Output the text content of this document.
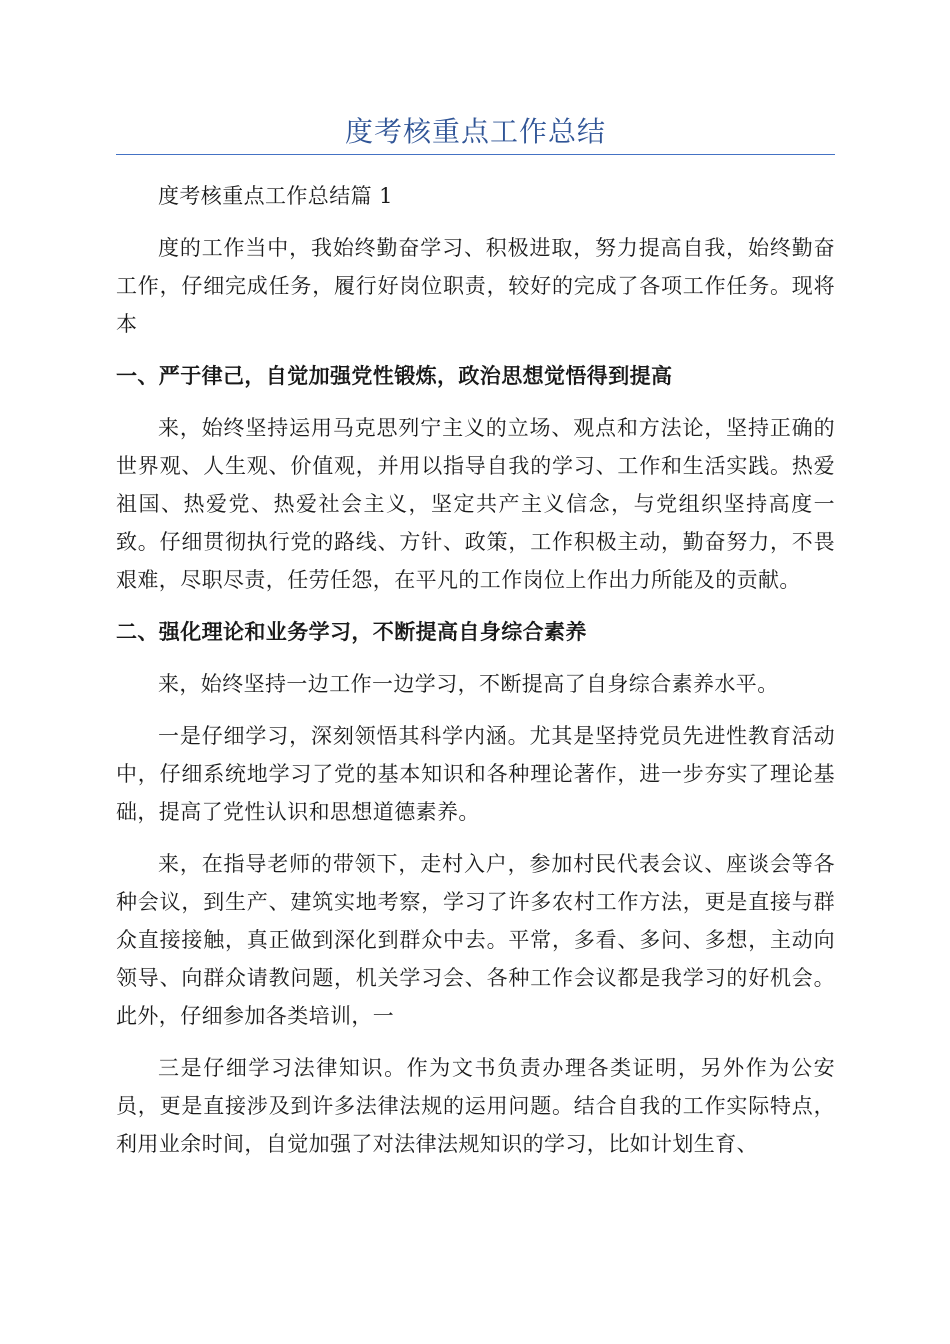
度考核重点工作总结

度考核重点工作总结篇 1

度的工作当中，我始终勤奋学习、积极进取，努力提高自我，始终勤奋工作，仔细完成任务，履行好岗位职责，较好的完成了各项工作任务。现将本

一、严于律己，自觉加强党性锻炼，政治思想觉悟得到提高

来，始终坚持运用马克思列宁主义的立场、观点和方法论，坚持正确的世界观、人生观、价值观，并用以指导自我的学习、工作和生活实践。热爱祖国、热爱党、热爱社会主义，坚定共产主义信念，与党组织坚持高度一致。仔细贯彻执行党的路线、方针、政策，工作积极主动，勤奋努力，不畏艰难，尽职尽责，任劳任怨，在平凡的工作岗位上作出力所能及的贡献。

二、强化理论和业务学习，不断提高自身综合素养

来，始终坚持一边工作一边学习，不断提高了自身综合素养水平。

一是仔细学习，深刻领悟其科学内涵。尤其是坚持党员先进性教育活动中，仔细系统地学习了党的基本知识和各种理论著作，进一步夯实了理论基础，提高了党性认识和思想道德素养。

来，在指导老师的带领下，走村入户，参加村民代表会议、座谈会等各种会议，到生产、建筑实地考察，学习了许多农村工作方法，更是直接与群众直接接触，真正做到深化到群众中去。平常，多看、多问、多想，主动向领导、向群众请教问题，机关学习会、各种工作会议都是我学习的好机会。此外，仔细参加各类培训，一

三是仔细学习法律知识。作为文书负责办理各类证明，另外作为公安员，更是直接涉及到许多法律法规的运用问题。结合自我的工作实际特点，利用业余时间，自觉加强了对法律法规知识的学习，比如计划生育、
